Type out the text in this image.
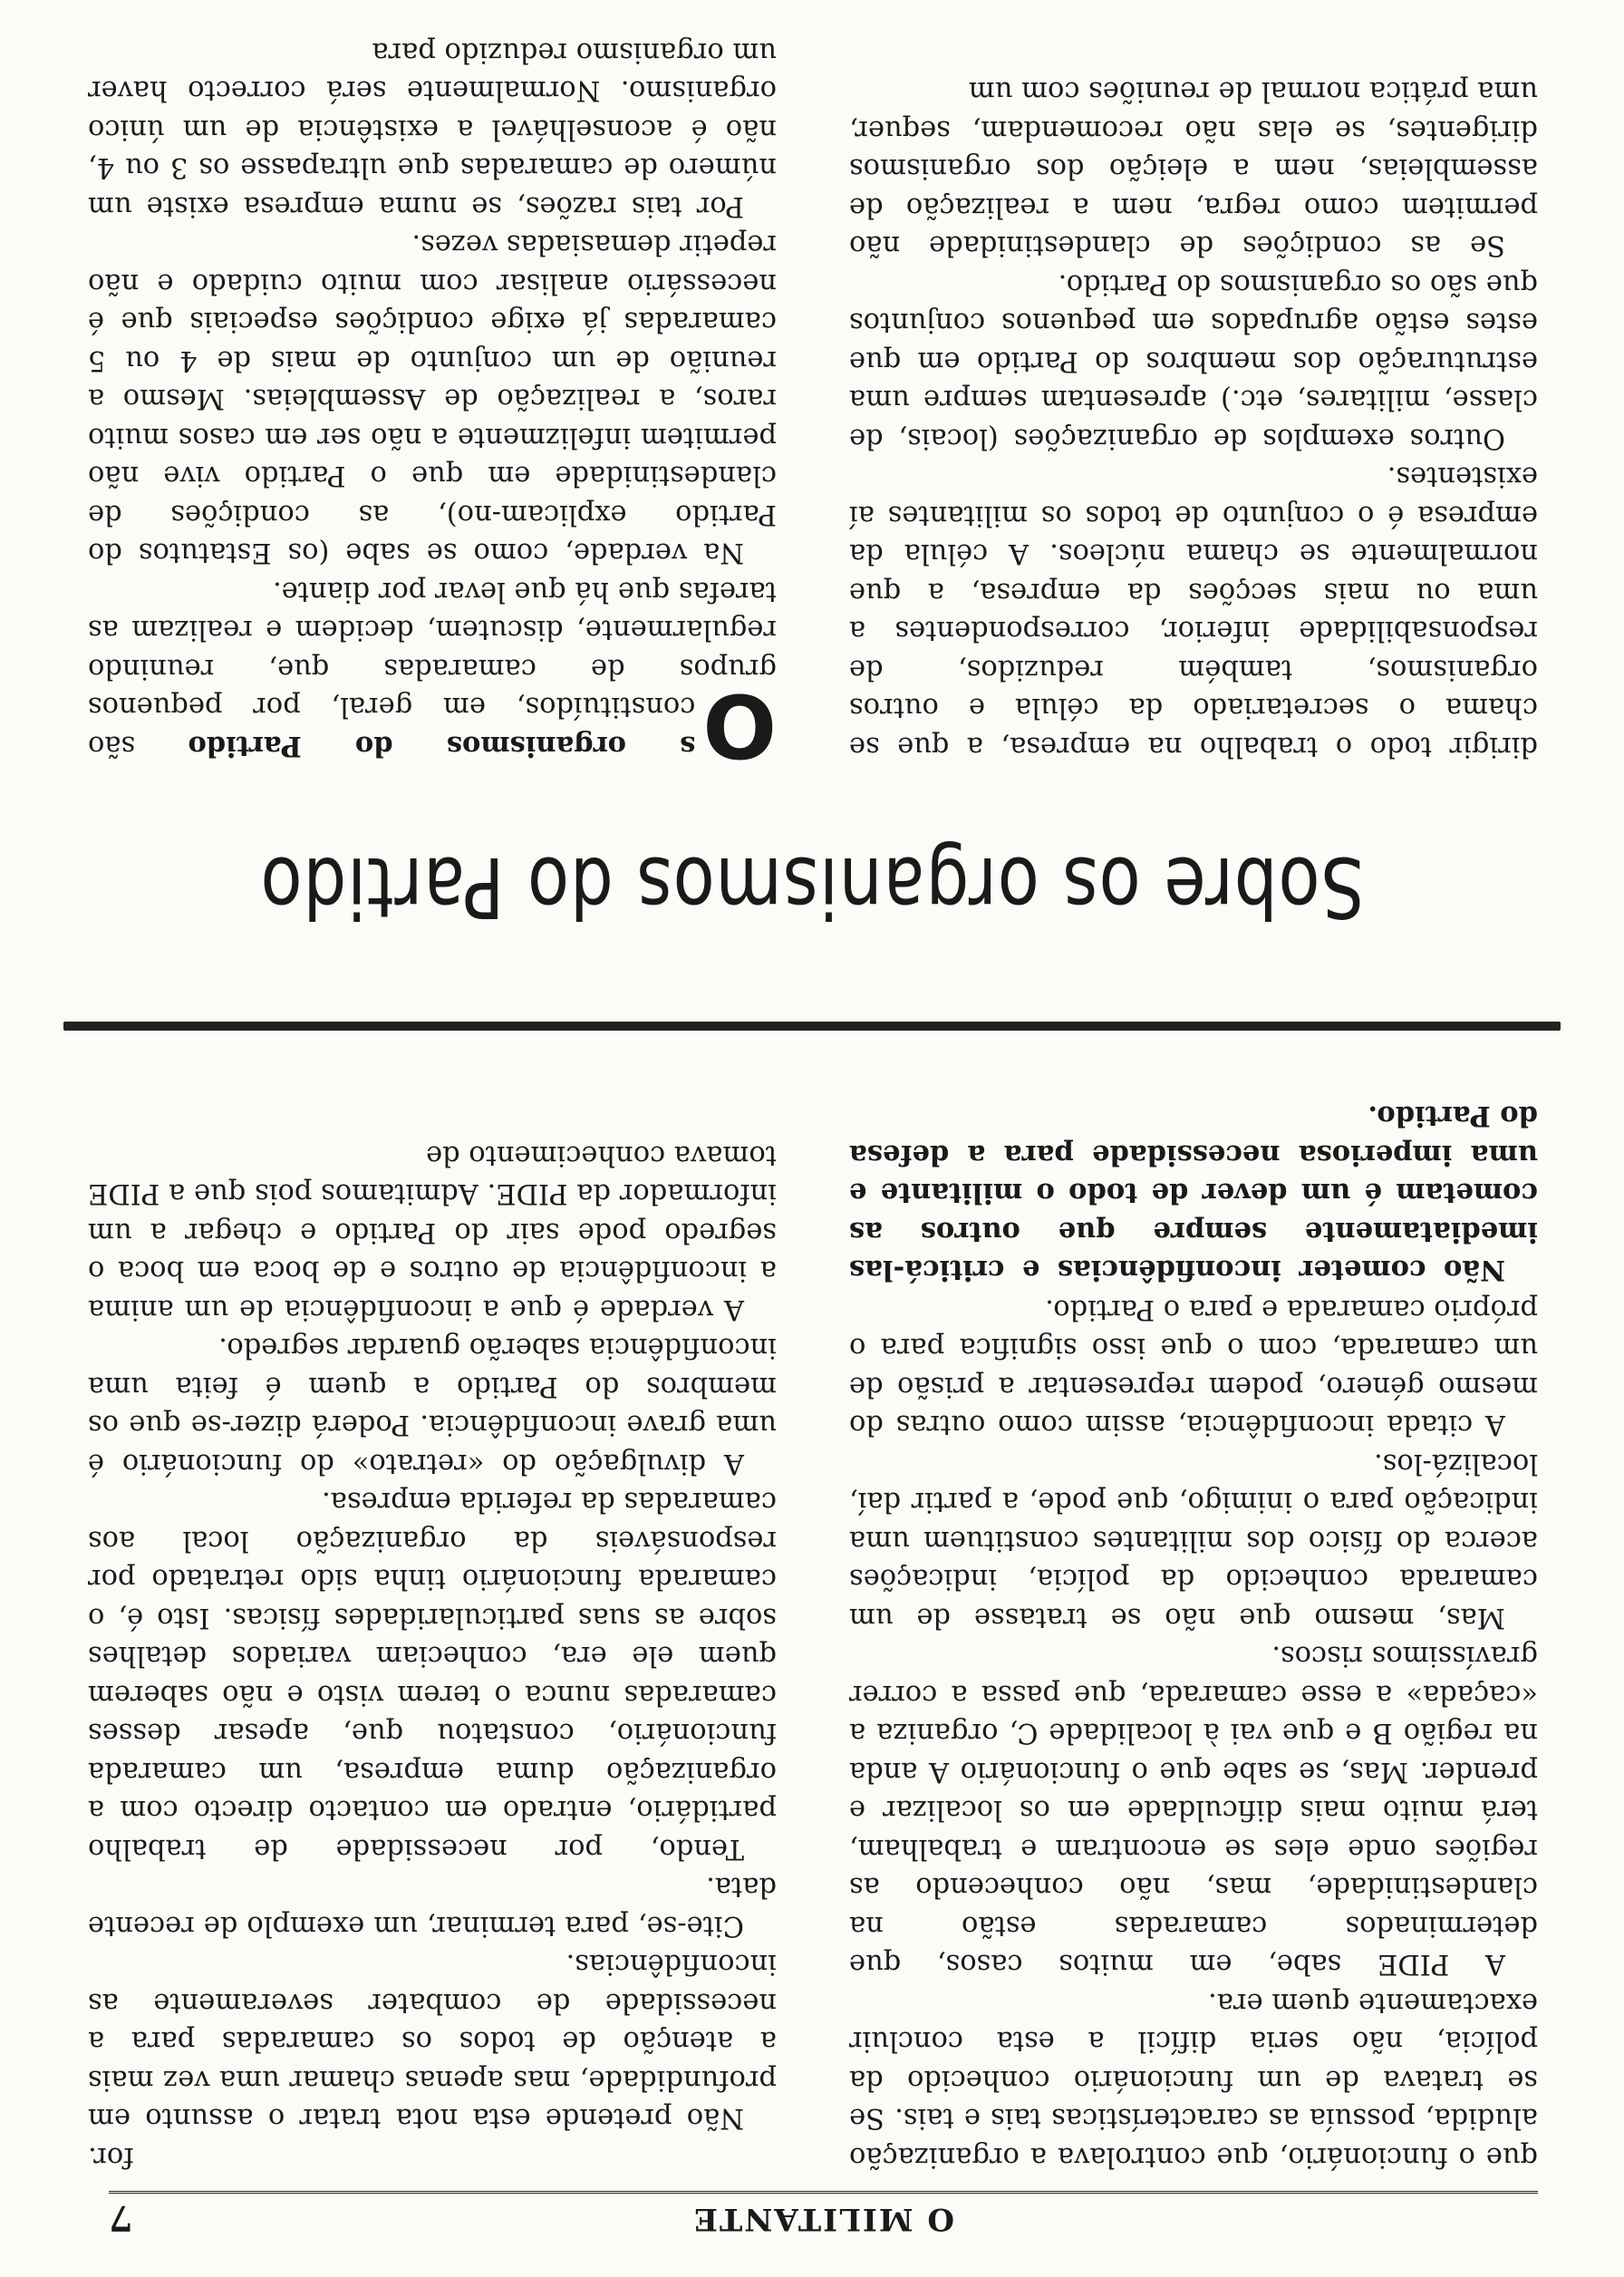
O MILITANTE
7

que o funcionário, que controlava a organização aludida, possuía as características tais e tais. Se se tratava de um funcionário conhecido da polícia, não seria difícil a esta concluir exactamente quem era.

A PIDE sabe, em muitos casos, que determinados camaradas estão na clandestinidade, mas, não conhecendo as regiões onde eles se encontram e trabalham, terá muito mais dificuldade em os localizar e prender. Mas, se sabe que o funcionário A anda na região B e que vai à localidade C, organiza a «caçada» a esse camarada, que passa a correr gravíssimos riscos.

Mas, mesmo que não se tratasse de um camarada conhecido da polícia, indicações acerca do físico dos militantes constituem uma indicação para o inimigo, que pode, a partir daí, localizá-los.

A citada inconfidência, assim como outras do mesmo género, podem representar a prisão de um camarada, com o que isso significa para o próprio camarada e para o Partido.

Não cometer inconfidências e criticá-las imediatamente sempre que outros as cometam é um dever de todo o militante e uma imperiosa necessidade para a defesa do Partido.

for.

Não pretende esta nota tratar o assunto em profundidade, mas apenas chamar uma vez mais a atenção de todos os camaradas para a necessidade de combater severamente as inconfidências.

Cite-se, para terminar, um exemplo de recente data.

Tendo, por necessidade de trabalho partidário, entrado em contacto directo com a organização duma empresa, um camarada funcionário, constatou que, apesar desses camaradas nunca o terem visto e não saberem quem ele era, conheciam variados detalhes sobre as suas particularidades físicas. Isto é, o camarada funcionário tinha sido retratado por responsáveis da organização local aos camaradas da referida empresa.

A divulgação do «retrato» do funcionário é uma grave inconfidência. Poderá dizer-se que os membros do Partido a quem é feita uma inconfidência saberão guardar segredo.

A verdade é que a inconfidência de um anima a inconfidência de outros e de boca em boca o segredo pode sair do Partido e chegar a um informador da PIDE. Admitamos pois que a PIDE tomava conhecimento de

Sobre os organismos do Partido

dirigir todo o trabalho na empresa, a que se chama o secretariado da célula e outros organismos, também reduzidos, de responsabilidade inferior, correspondentes a uma ou mais secções da empresa, a que normalmente se chama núcleos. A célula da empresa é o conjunto de todos os militantes aí existentes.

Outros exemplos de organizações (locais, de classe, militares, etc.) apresentam sempre uma estruturação dos membros do Partido em que estes estão agrupados em pequenos conjuntos que são os organismos do Partido.

Se as condições de clandestinidade não permitem como regra, nem a realização de assembleias, nem a eleição dos organismos dirigentes, se elas não recomendam, sequer, uma prática normal de reuniões com um

O
s organismos do Partido são constituídos, em geral, por pequenos grupos de camaradas que, reunindo regularmente, discutem, decidem e realizam as tarefas que há que levar por diante.

Na verdade, como se sabe (os Estatutos do Partido explicam-no), as condições de clandestinidade em que o Partido vive não permitem infelizmente a não ser em casos muito raros, a realização de Assembleias. Mesmo a reunião de um conjunto de mais de 4 ou 5 camaradas já exige condições especiais que é necessário analisar com muito cuidado e não repetir demasiadas vezes.

Por tais razões, se numa empresa existe um número de camaradas que ultrapasse os 3 ou 4, não é aconselhável a existência de um único organismo. Normalmente será correcto haver um organismo reduzido para
